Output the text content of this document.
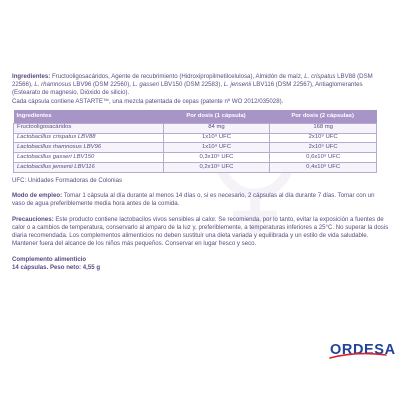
Ingredientes: Fructooligosacáridos, Agente de recubrimiento (Hidroxipropilmetilcelulosa), Almidón de maíz, L. crispatus LBV88 (DSM 22566), L. rhamnosus LBV96 (DSM 22560), L. gasseri LBV150 (DSM 22583), L. jensenii LBV116 (DSM 22567), Antiaglomerantes (Estearato de magnesio, Dióxido de silicio).

Cada cápsula contiene ASTARTE™, una mezcla patentada de cepas (patente nº WO 2012/035028).

Ingredientes	Por dosis (1 cápsula)	Por dosis (2 cápsulas)
Fructooligosacáridos	84 mg	168 mg
Lactobacillus crispatus LBV88	1x10⁹ UFC	2x10⁹ UFC
Lactobacillus rhamnosus LBV96	1x10⁹ UFC	2x10⁹ UFC
Lactobacillus gasseri LBV150	0,3x10⁹ UFC	0,6x10⁹ UFC
Lactobacillus jensenii LBV116	0,2x10⁹ UFC	0,4x10⁹ UFC

UFC: Unidades Formadoras de Colonias

Modo de empleo: Tomar 1 cápsula al día durante al menos 14 días o, si es necesario, 2 cápsulas al día durante 7 días. Tomar con un vaso de agua preferiblemente media hora antes de la comida.

Precauciones: Este producto contiene lactobacilos vivos sensibles al calor. Se recomienda, por lo tanto, evitar la exposición a fuentes de calor o a cambios de temperatura, conservarlo al amparo de la luz y, preferiblemente, a temperaturas inferiores a 25°C. No superar la dosis diaria recomendada. Los complementos alimenticios no deben sustituir una dieta variada y equilibrada y un estilo de vida saludable. Mantener fuera del alcance de los niños más pequeños. Conservar en lugar fresco y seco.

Complemento alimenticio

14 cápsulas. Peso neto: 4,55 g

ORDESA
